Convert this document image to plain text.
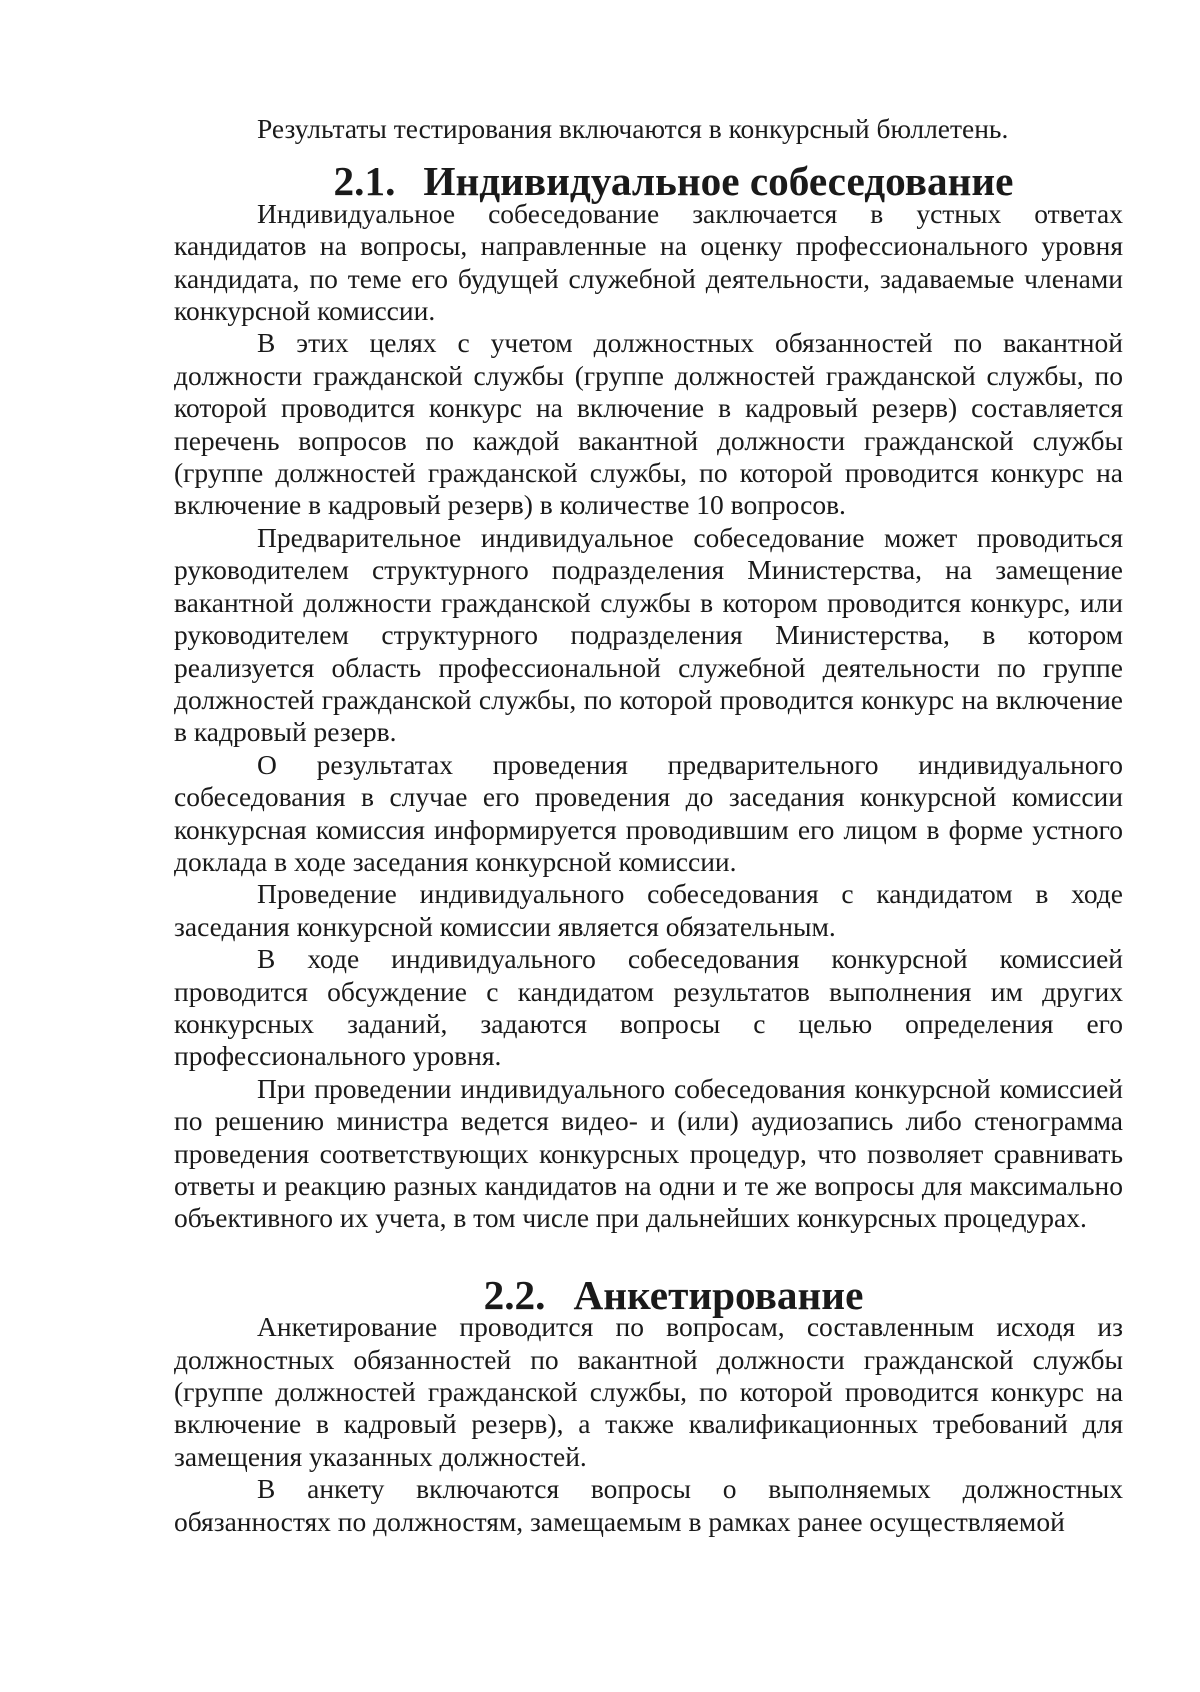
Результаты тестирования включаются в конкурсный бюллетень.

2.1. Индивидуальное собеседование

Индивидуальное собеседование заключается в устных ответах кандидатов на вопросы, направленные на оценку профессионального уровня кандидата, по теме его будущей служебной деятельности, задаваемые членами конкурсной комиссии.

В этих целях с учетом должностных обязанностей по вакантной должности гражданской службы (группе должностей гражданской службы, по которой проводится конкурс на включение в кадровый резерв) составляется перечень вопросов по каждой вакантной должности гражданской службы (группе должностей гражданской службы, по которой проводится конкурс на включение в кадровый резерв) в количестве 10 вопросов.

Предварительное индивидуальное собеседование может проводиться руководителем структурного подразделения Министерства, на замещение вакантной должности гражданской службы в котором проводится конкурс, или руководителем структурного подразделения Министерства, в котором реализуется область профессиональной служебной деятельности по группе должностей гражданской службы, по которой проводится конкурс на включение в кадровый резерв.

О результатах проведения предварительного индивидуального собеседования в случае его проведения до заседания конкурсной комиссии конкурсная комиссия информируется проводившим его лицом в форме устного доклада в ходе заседания конкурсной комиссии.

Проведение индивидуального собеседования с кандидатом в ходе заседания конкурсной комиссии является обязательным.

В ходе индивидуального собеседования конкурсной комиссией проводится обсуждение с кандидатом результатов выполнения им других конкурсных заданий, задаются вопросы с целью определения его профессионального уровня.

При проведении индивидуального собеседования конкурсной комиссией по решению министра ведется видео- и (или) аудиозапись либо стенограмма проведения соответствующих конкурсных процедур, что позволяет сравнивать ответы и реакцию разных кандидатов на одни и те же вопросы для максимально объективного их учета, в том числе при дальнейших конкурсных процедурах.

2.2. Анкетирование

Анкетирование проводится по вопросам, составленным исходя из должностных обязанностей по вакантной должности гражданской службы (группе должностей гражданской службы, по которой проводится конкурс на включение в кадровый резерв), а также квалификационных требований для замещения указанных должностей.

В анкету включаются вопросы о выполняемых должностных обязанностях по должностям, замещаемым в рамках ранее осуществляемой
